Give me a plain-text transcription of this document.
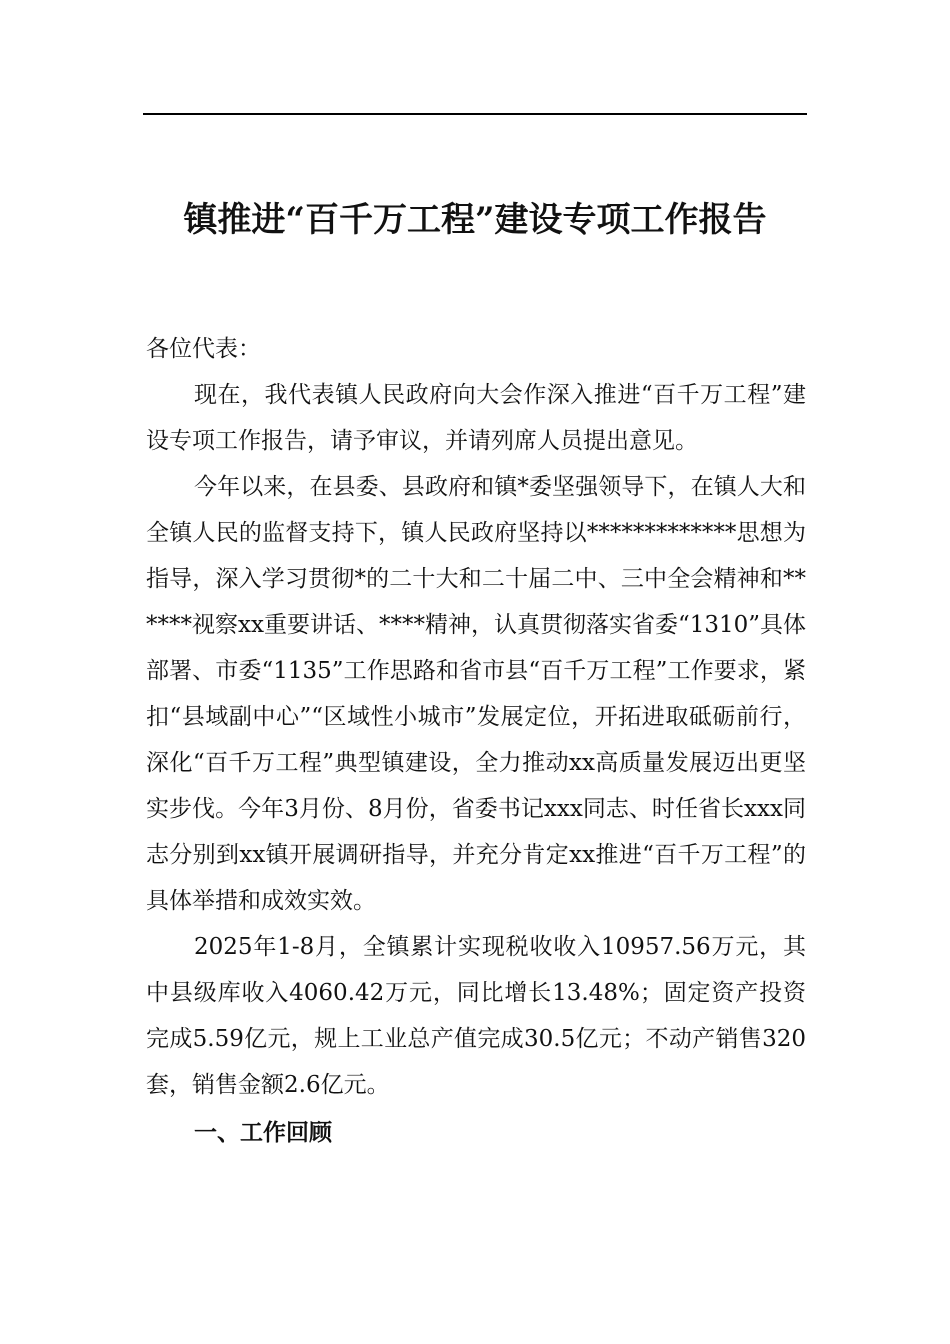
镇推进“百千万工程”建设专项工作报告

各位代表：

现在，我代表镇人民政府向大会作深入推进“百千万工程”建设专项工作报告，请予审议，并请列席人员提出意见。

今年以来，在县委、县政府和镇*委坚强领导下，在镇人大和全镇人民的监督支持下，镇人民政府坚持以*************思想为指导，深入学习贯彻*的二十大和二十届二中、三中全会精神和******视察xx重要讲话、****精神，认真贯彻落实省委“1310”具体部署、市委“1135”工作思路和省市县“百千万工程”工作要求，紧扣“县域副中心”“区域性小城市”发展定位，开拓进取砥砺前行，深化“百千万工程”典型镇建设，全力推动xx高质量发展迈出更坚实步伐。今年3月份、8月份，省委书记xxx同志、时任省长xxx同志分别到xx镇开展调研指导，并充分肯定xx推进“百千万工程”的具体举措和成效实效。

2025年1-8月，全镇累计实现税收收入10957.56万元，其中县级库收入4060.42万元，同比增长13.48%；固定资产投资完成5.59亿元，规上工业总产值完成30.5亿元；不动产销售320套，销售金额2.6亿元。

一、工作回顾
